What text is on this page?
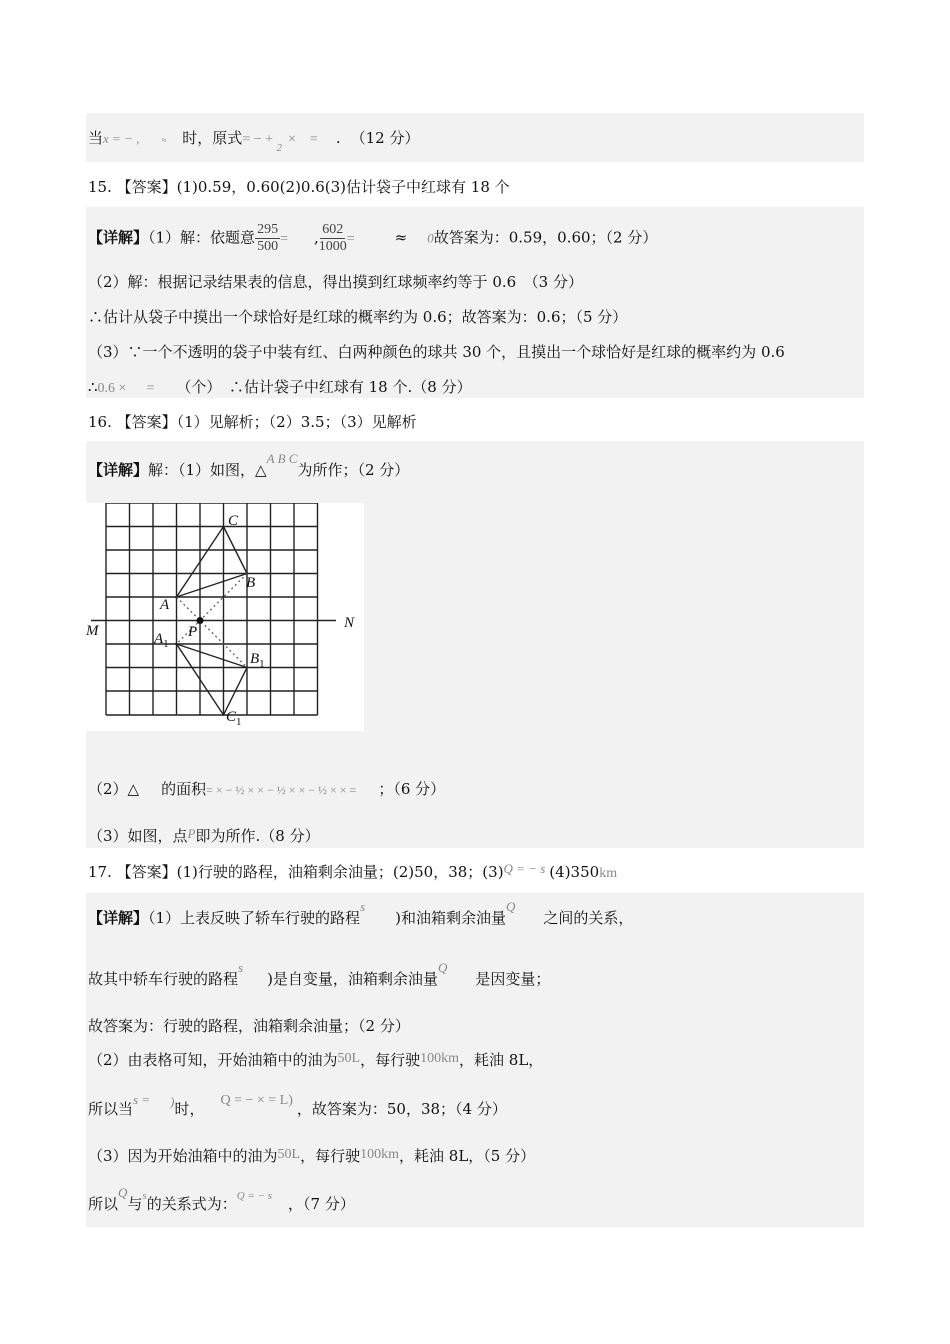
当x = − , ≈ 时，原式= − + $_2$× = . （12 分）
15. 【答案】(1)0.59，0.60(2)0.6(3)估计袋子中红球有 18 个
【详解】（1）解：依题意 $\frac{295}{500}$ = , $\frac{602}{1000}$ =	≈ 0故答案为：0.59，0.60；（2 分）
（2）解：根据记录结果表的信息，得出摸到红球频率约等于 0.6　（3 分）
∴估计从袋子中摸出一个球恰好是红球的概率约为 0.6；故答案为：0.6；（5 分）
（3）∵一个不透明的袋子中装有红、白两种颜色的球共 30 个，且摸出一个球恰好是红球的概率约为 0.6
∴0.6 × = （个）　∴估计袋子中红球有 18 个.（8 分）
16. 【答案】（1）见解析；（2）3.5；（3）见解析
【详解】解：（1）如图，△A B C为所作；（2 分）
C
B
A
P
M	N
$A_1$
$B_1$
$C_1$
（2）△ 的面积= × − ½ × × − ½ × × − ½ × × = ；（6 分）
（3）如图，点P即为所作.（8 分）
17. 【答案】(1)行驶的路程，油箱剩余油量；(2)50，38；(3)Q = − s (4)350km
【详解】（1）上表反映了轿车行驶的路程s)和油箱剩余油量Q之间的关系，
故其中轿车行驶的路程s)是自变量，油箱剩余油量Q是因变量；
故答案为：行驶的路程，油箱剩余油量；（2 分）
（2）由表格可知，开始油箱中的油为50L，每行驶100km，耗油 8L，
所以当s = )时， Q = − × = L) ，故答案为：50，38；（4 分）
（3）因为开始油箱中的油为50L，每行驶100km，耗油 8L，（5 分）
所以Q与$^s$的关系式为：$^{Q = - s}$ ，（7 分）
